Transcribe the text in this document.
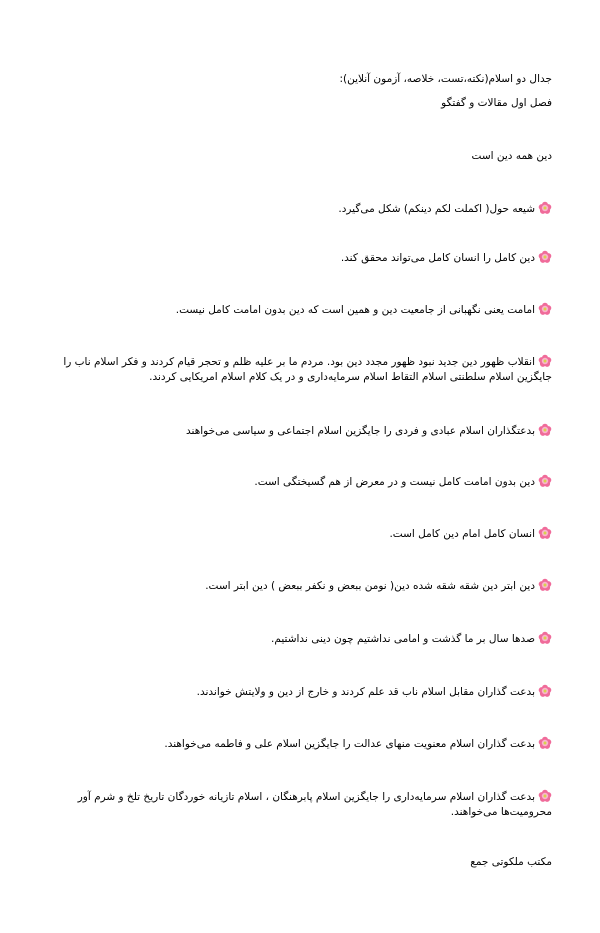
جدال دو اسلام(نکته،تست، خلاصه، آزمون آنلاین):
فصل اول مقالات و گفتگو
دین همه دین است
شیعه حول( اکملت لکم دینکم) شکل می‌گیرد.
دین کامل را انسان کامل می‌تواند محقق کند.
امامت یعنی نگهبانی از جامعیت دین و همین است که دین بدون امامت کامل نیست.
انقلاب ظهور دین جدید نبود ظهور مجدد دین بود. مردم ما بر علیه ظلم و تحجر قیام کردند و فکر اسلام ناب را جایگزین اسلام سلطنتی اسلام التقاط اسلام سرمایه‌داری و در یک کلام اسلام امریکایی کردند.
بدعتگذاران اسلام عبادی و فردی را جایگزین اسلام اجتماعی و سیاسی می‌خواهند
دین بدون امامت کامل نیست و در معرض از هم گسیختگی است.
انسان کامل امام دین کامل است.
دین ابتر دین شقه شقه شده دین( نومن ببعض و نکفر ببعض ) دین ابتر است.
صدها سال بر ما گذشت و امامی نداشتیم چون دینی نداشتیم.
بدعت گذاران مقابل اسلام ناب قد علم کردند و خارج از دین و ولایتش خواندند.
بدعت گذاران اسلام معنویت منهای عدالت را جایگزین اسلام علی و فاطمه می‌خواهند.
بدعت گذاران اسلام سرمایه‌داری را جایگزین اسلام پابرهنگان ، اسلام تازیانه خوردگان تاریخ تلخ و شرم آور محرومیت‌ها می‌خواهند.
مکتب ملکوتی جمع
